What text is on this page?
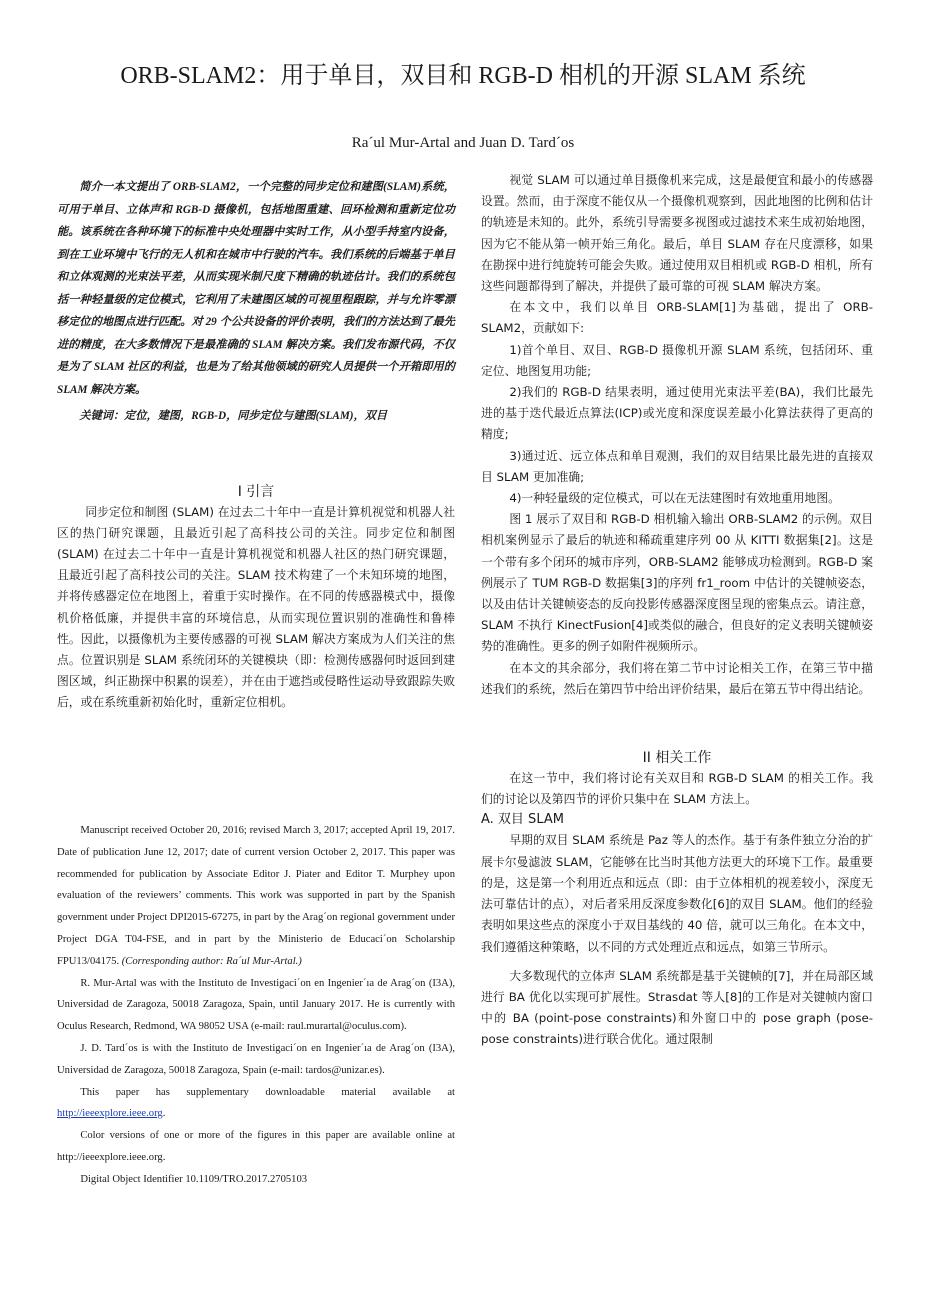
ORB-SLAM2：用于单目，双目和 RGB-D 相机的开源 SLAM 系统
Ra´ul Mur-Artal and Juan D. Tard´os

简介一本文提出了 ORB-SLAM2，一个完整的同步定位和建图(SLAM)系统，可用于单目、立体声和 RGB-D 摄像机，包括地图重建、回环检测和重新定位功能。该系统在各种环境下的标准中央处理器中实时工作，从小型手持室内设备，到在工业环境中飞行的无人机和在城市中行驶的汽车。我们系统的后端基于单目和立体观测的光束法平差，从而实现米制尺度下精确的轨迹估计。我们的系统包括一种轻量级的定位模式，它利用了未建图区域的可视里程跟踪，并与允许零漂移定位的地图点进行匹配。对 29 个公共设备的评价表明，我们的方法达到了最先进的精度，在大多数情况下是最准确的 SLAM 解决方案。我们发布源代码，不仅是为了 SLAM 社区的利益，也是为了给其他领域的研究人员提供一个开箱即用的 SLAM 解决方案。

关键词：定位，建图，RGB-D，同步定位与建图(SLAM)，双目

I 引言

同步定位和制图 (SLAM) 在过去二十年中一直是计算机视觉和机器人社区的热门研究课题，且最近引起了高科技公司的关注。同步定位和制图 (SLAM) 在过去二十年中一直是计算机视觉和机器人社区的热门研究课题，且最近引起了高科技公司的关注。SLAM 技术构建了一个未知环境的地图，并将传感器定位在地图上，着重于实时操作。在不同的传感器模式中，摄像机价格低廉，并提供丰富的环境信息，从而实现位置识别的准确性和鲁棒性。因此，以摄像机为主要传感器的可视 SLAM 解决方案成为人们关注的焦点。位置识别是 SLAM 系统闭环的关键模块（即：检测传感器何时返回到建图区域，纠正勘探中积累的误差），并在由于遮挡或侵略性运动导致跟踪失败后，或在系统重新初始化时，重新定位相机。

Manuscript received October 20, 2016; revised March 3, 2017; accepted April 19, 2017. Date of publication June 12, 2017; date of current version October 2, 2017. This paper was recommended for publication by Associate Editor J. Piater and Editor T. Murphey upon evaluation of the reviewers’ comments. This work was supported in part by the Spanish government under Project DPI2015-67275, in part by the Arag´on regional government under Project DGA T04-FSE, and in part by the Ministerio de Educaci´on Scholarship FPU13/04175. (Corresponding author: Ra´ul Mur-Artal.)

R. Mur-Artal was with the Instituto de Investigaci´on en Ingenier´ıa de Arag´on (I3A), Universidad de Zaragoza, 50018 Zaragoza, Spain, until January 2017. He is currently with Oculus Research, Redmond, WA 98052 USA (e-mail: raul.murartal@oculus.com).

J. D. Tard´os is with the Instituto de Investigaci´on en Ingenier´ıa de Arag´on (I3A), Universidad de Zaragoza, 50018 Zaragoza, Spain (e-mail: tardos@unizar.es).

This paper has supplementary downloadable material available at http://ieeexplore.ieee.org.

Color versions of one or more of the figures in this paper are available online at http://ieeexplore.ieee.org.

Digital Object Identifier 10.1109/TRO.2017.2705103

视觉 SLAM 可以通过单目摄像机来完成，这是最便宜和最小的传感器设置。然而，由于深度不能仅从一个摄像机观察到，因此地图的比例和估计的轨迹是未知的。此外，系统引导需要多视图或过滤技术来生成初始地图，因为它不能从第一帧开始三角化。最后，单目 SLAM 存在尺度漂移，如果在勘探中进行纯旋转可能会失败。通过使用双目相机或 RGB-D 相机，所有这些问题都得到了解决，并提供了最可靠的可视 SLAM 解决方案。

在本文中，我们以单目 ORB-SLAM[1]为基础，提出了 ORB-SLAM2，贡献如下:

1)首个单目、双目、RGB-D 摄像机开源 SLAM 系统，包括闭环、重定位、地图复用功能;

2)我们的 RGB-D 结果表明，通过使用光束法平差(BA)，我们比最先进的基于迭代最近点算法(ICP)或光度和深度误差最小化算法获得了更高的精度;

3)通过近、远立体点和单目观测，我们的双目结果比最先进的直接双目 SLAM 更加准确;

4)一种轻量级的定位模式，可以在无法建图时有效地重用地图。

图 1 展示了双目和 RGB-D 相机输入输出 ORB-SLAM2 的示例。双目相机案例显示了最后的轨迹和稀疏重建序列 00 从 KITTI 数据集[2]。这是一个带有多个闭环的城市序列，ORB-SLAM2 能够成功检测到。RGB-D 案例展示了 TUM RGB-D 数据集[3]的序列 fr1_room 中估计的关键帧姿态，以及由估计关键帧姿态的反向投影传感器深度图呈现的密集点云。请注意，SLAM 不执行 KinectFusion[4]或类似的融合，但良好的定义表明关键帧姿势的准确性。更多的例子如附件视频所示。

在本文的其余部分，我们将在第二节中讨论相关工作，在第三节中描述我们的系统，然后在第四节中给出评价结果，最后在第五节中得出结论。

II 相关工作

在这一节中，我们将讨论有关双目和 RGB-D SLAM 的相关工作。我们的讨论以及第四节的评价只集中在 SLAM 方法上。

A. 双目 SLAM

早期的双目 SLAM 系统是 Paz 等人的杰作。基于有条件独立分治的扩展卡尔曼滤波 SLAM，它能够在比当时其他方法更大的环境下工作。最重要的是，这是第一个利用近点和远点（即：由于立体相机的视差较小，深度无法可靠估计的点），对后者采用反深度参数化[6]的双目 SLAM。他们的经验表明如果这些点的深度小于双目基线的 40 倍，就可以三角化。在本文中，我们遵循这种策略，以不同的方式处理近点和远点，如第三节所示。

大多数现代的立体声 SLAM 系统都是基于关键帧的[7]，并在局部区域进行 BA 优化以实现可扩展性。Strasdat 等人[8]的工作是对关键帧内窗口中的 BA (point-pose constraints)和外窗口中的 pose graph (pose-pose constraints)进行联合优化。通过限制
